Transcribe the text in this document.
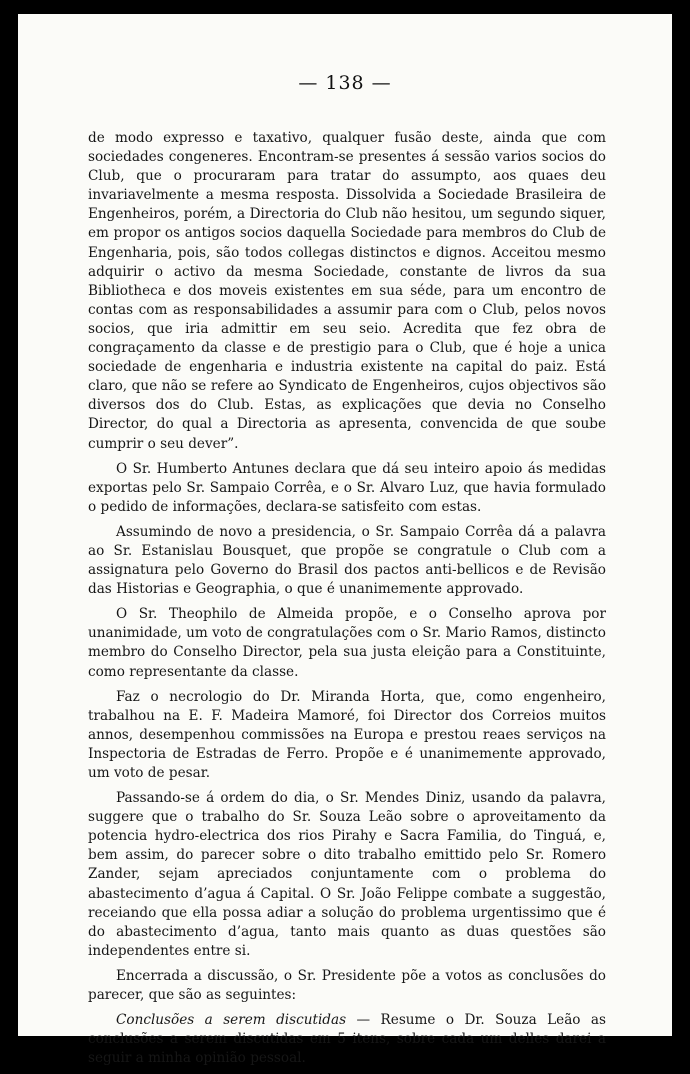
— 138 —

de modo expresso e taxativo, qualquer fusão deste, ainda que com sociedades congeneres. Encontram-se presentes á sessão varios socios do Club, que o procuraram para tratar do assumpto, aos quaes deu invariavelmente a mesma resposta. Dissolvida a Sociedade Brasileira de Engenheiros, porém, a Directoria do Club não hesitou, um segundo siquer, em propor os antigos socios daquella Sociedade para membros do Club de Engenharia, pois, são todos collegas distinctos e dignos. Acceitou mesmo adquirir o activo da mesma Sociedade, constante de livros da sua Bibliotheca e dos moveis existentes em sua séde, para um encontro de contas com as responsabilidades a assumir para com o Club, pelos novos socios, que iria admittir em seu seio. Acredita que fez obra de congraçamento da classe e de prestigio para o Club, que é hoje a unica sociedade de engenharia e industria existente na capital do paiz. Está claro, que não se refere ao Syndicato de Engenheiros, cujos objectivos são diversos dos do Club. Estas, as explicações que devia no Conselho Director, do qual a Directoria as apresenta, convencida de que soube cumprir o seu dever”.

O Sr. Humberto Antunes declara que dá seu inteiro apoio ás medidas exportas pelo Sr. Sampaio Corrêa, e o Sr. Alvaro Luz, que havia formulado o pedido de informações, declara-se satisfeito com estas.

Assumindo de novo a presidencia, o Sr. Sampaio Corrêa dá a palavra ao Sr. Estanislau Bousquet, que propõe se congratule o Club com a assignatura pelo Governo do Brasil dos pactos anti-bellicos e de Revisão das Historias e Geographia, o que é unanimemente approvado.

O Sr. Theophilo de Almeida propõe, e o Conselho aprova por unanimidade, um voto de congratulações com o Sr. Mario Ramos, distincto membro do Conselho Director, pela sua justa eleição para a Constituinte, como representante da classe.

Faz o necrologio do Dr. Miranda Horta, que, como engenheiro, trabalhou na E. F. Madeira Mamoré, foi Director dos Correios muitos annos, desempenhou commissões na Europa e prestou reaes serviços na Inspectoria de Estradas de Ferro. Propõe e é unanimemente approvado, um voto de pesar.

Passando-se á ordem do dia, o Sr. Mendes Diniz, usando da palavra, suggere que o trabalho do Sr. Souza Leão sobre o aproveitamento da potencia hydro-electrica dos rios Pirahy e Sacra Familia, do Tinguá, e, bem assim, do parecer sobre o dito trabalho emittido pelo Sr. Romero Zander, sejam apreciados conjuntamente com o problema do abastecimento d’agua á Capital. O Sr. João Felippe combate a suggestão, receiando que ella possa adiar a solução do problema urgentissimo que é do abastecimento d’agua, tanto mais quanto as duas questões são independentes entre si.

Encerrada a discussão, o Sr. Presidente põe a votos as conclusões do parecer, que são as seguintes:

Conclusões a serem discutidas — Resume o Dr. Souza Leão as conclusões a serem discutidas em 5 itens, sobre cada um delles darei a seguir a minha opinião pessoal.
